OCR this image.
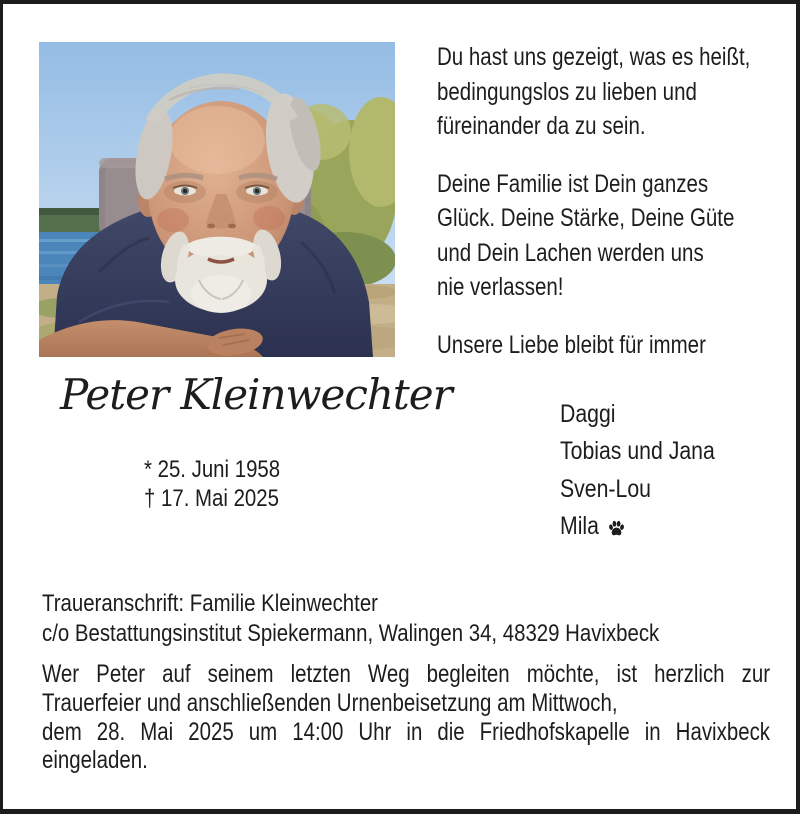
Du hast uns gezeigt, was es heißt,
bedingungslos zu lieben und
füreinander da zu sein.
Deine Familie ist Dein ganzes
Glück. Deine Stärke, Deine Güte
und Dein Lachen werden uns
nie verlassen!
Unsere Liebe bleibt für immer
Peter Kleinwechter
* 25. Juni 1958
† 17. Mai 2025
Daggi
Tobias und Jana
Sven-Lou
Mila
Traueranschrift: Familie Kleinwechter
c/o Bestattungsinstitut Spiekermann, Walingen 34, 48329 Havixbeck
Wer Peter auf seinem letzten Weg begleiten möchte, ist herzlich zur
Trauerfeier und anschließenden Urnenbeisetzung am Mittwoch,
dem 28. Mai 2025 um 14:00 Uhr in die Friedhofskapelle in Havixbeck
eingeladen.
